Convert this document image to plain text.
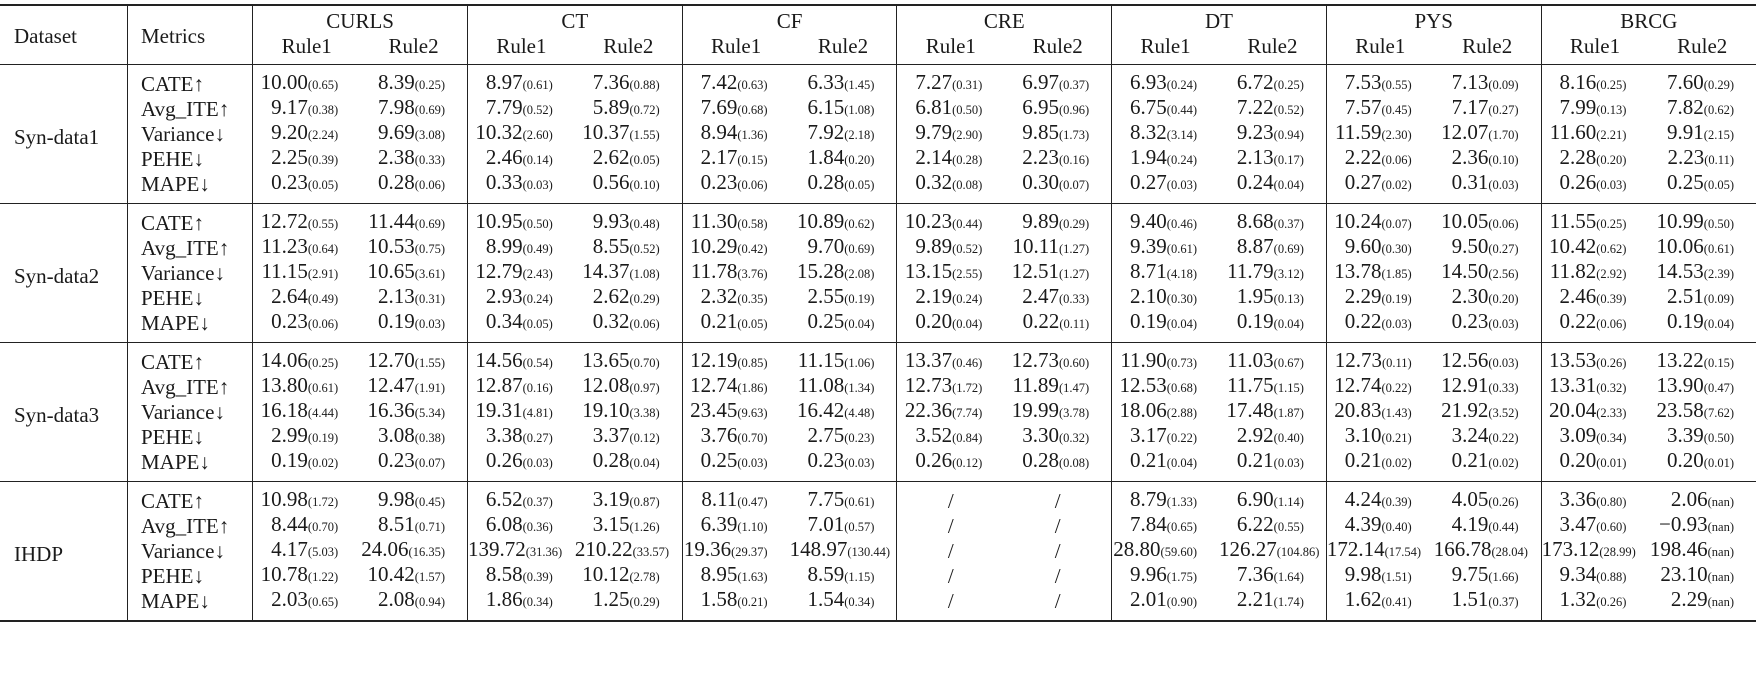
Dataset	Metrics	CURLS		CT		CF		CRE		DT		PYS		BRCG	
		Rule1	Rule2	Rule1	Rule2	Rule1	Rule2	Rule1	Rule2	Rule1	Rule2	Rule1	Rule2	Rule1	Rule2
Syn-data1	CATE↑	10.00(0.65)	8.39(0.25)	8.97(0.61)	7.36(0.88)	7.42(0.63)	6.33(1.45)	7.27(0.31)	6.97(0.37)	6.93(0.24)	6.72(0.25)	7.53(0.55)	7.13(0.09)	8.16(0.25)	7.60(0.29)
	Avg_ITE↑	9.17(0.38)	7.98(0.69)	7.79(0.52)	5.89(0.72)	7.69(0.68)	6.15(1.08)	6.81(0.50)	6.95(0.96)	6.75(0.44)	7.22(0.52)	7.57(0.45)	7.17(0.27)	7.99(0.13)	7.82(0.62)
	Variance↓	9.20(2.24)	9.69(3.08)	10.32(2.60)	10.37(1.55)	8.94(1.36)	7.92(2.18)	9.79(2.90)	9.85(1.73)	8.32(3.14)	9.23(0.94)	11.59(2.30)	12.07(1.70)	11.60(2.21)	9.91(2.15)
	PEHE↓	2.25(0.39)	2.38(0.33)	2.46(0.14)	2.62(0.05)	2.17(0.15)	1.84(0.20)	2.14(0.28)	2.23(0.16)	1.94(0.24)	2.13(0.17)	2.22(0.06)	2.36(0.10)	2.28(0.20)	2.23(0.11)
	MAPE↓	0.23(0.05)	0.28(0.06)	0.33(0.03)	0.56(0.10)	0.23(0.06)	0.28(0.05)	0.32(0.08)	0.30(0.07)	0.27(0.03)	0.24(0.04)	0.27(0.02)	0.31(0.03)	0.26(0.03)	0.25(0.05)
Syn-data2	CATE↑	12.72(0.55)	11.44(0.69)	10.95(0.50)	9.93(0.48)	11.30(0.58)	10.89(0.62)	10.23(0.44)	9.89(0.29)	9.40(0.46)	8.68(0.37)	10.24(0.07)	10.05(0.06)	11.55(0.25)	10.99(0.50)
	Avg_ITE↑	11.23(0.64)	10.53(0.75)	8.99(0.49)	8.55(0.52)	10.29(0.42)	9.70(0.69)	9.89(0.52)	10.11(1.27)	9.39(0.61)	8.87(0.69)	9.60(0.30)	9.50(0.27)	10.42(0.62)	10.06(0.61)
	Variance↓	11.15(2.91)	10.65(3.61)	12.79(2.43)	14.37(1.08)	11.78(3.76)	15.28(2.08)	13.15(2.55)	12.51(1.27)	8.71(4.18)	11.79(3.12)	13.78(1.85)	14.50(2.56)	11.82(2.92)	14.53(2.39)
	PEHE↓	2.64(0.49)	2.13(0.31)	2.93(0.24)	2.62(0.29)	2.32(0.35)	2.55(0.19)	2.19(0.24)	2.47(0.33)	2.10(0.30)	1.95(0.13)	2.29(0.19)	2.30(0.20)	2.46(0.39)	2.51(0.09)
	MAPE↓	0.23(0.06)	0.19(0.03)	0.34(0.05)	0.32(0.06)	0.21(0.05)	0.25(0.04)	0.20(0.04)	0.22(0.11)	0.19(0.04)	0.19(0.04)	0.22(0.03)	0.23(0.03)	0.22(0.06)	0.19(0.04)
Syn-data3	CATE↑	14.06(0.25)	12.70(1.55)	14.56(0.54)	13.65(0.70)	12.19(0.85)	11.15(1.06)	13.37(0.46)	12.73(0.60)	11.90(0.73)	11.03(0.67)	12.73(0.11)	12.56(0.03)	13.53(0.26)	13.22(0.15)
	Avg_ITE↑	13.80(0.61)	12.47(1.91)	12.87(0.16)	12.08(0.97)	12.74(1.86)	11.08(1.34)	12.73(1.72)	11.89(1.47)	12.53(0.68)	11.75(1.15)	12.74(0.22)	12.91(0.33)	13.31(0.32)	13.90(0.47)
	Variance↓	16.18(4.44)	16.36(5.34)	19.31(4.81)	19.10(3.38)	23.45(9.63)	16.42(4.48)	22.36(7.74)	19.99(3.78)	18.06(2.88)	17.48(1.87)	20.83(1.43)	21.92(3.52)	20.04(2.33)	23.58(7.62)
	PEHE↓	2.99(0.19)	3.08(0.38)	3.38(0.27)	3.37(0.12)	3.76(0.70)	2.75(0.23)	3.52(0.84)	3.30(0.32)	3.17(0.22)	2.92(0.40)	3.10(0.21)	3.24(0.22)	3.09(0.34)	3.39(0.50)
	MAPE↓	0.19(0.02)	0.23(0.07)	0.26(0.03)	0.28(0.04)	0.25(0.03)	0.23(0.03)	0.26(0.12)	0.28(0.08)	0.21(0.04)	0.21(0.03)	0.21(0.02)	0.21(0.02)	0.20(0.01)	0.20(0.01)
IHDP	CATE↑	10.98(1.72)	9.98(0.45)	6.52(0.37)	3.19(0.87)	8.11(0.47)	7.75(0.61)	/	/	8.79(1.33)	6.90(1.14)	4.24(0.39)	4.05(0.26)	3.36(0.80)	2.06(nan)
	Avg_ITE↑	8.44(0.70)	8.51(0.71)	6.08(0.36)	3.15(1.26)	6.39(1.10)	7.01(0.57)	/	/	7.84(0.65)	6.22(0.55)	4.39(0.40)	4.19(0.44)	3.47(0.60)	−0.93(nan)
	Variance↓	4.17(5.03)	24.06(16.35)	139.72(31.36)	210.22(33.57)	19.36(29.37)	148.97(130.44)	/	/	28.80(59.60)	126.27(104.86)	172.14(17.54)	166.78(28.04)	173.12(28.99)	198.46(nan)
	PEHE↓	10.78(1.22)	10.42(1.57)	8.58(0.39)	10.12(2.78)	8.95(1.63)	8.59(1.15)	/	/	9.96(1.75)	7.36(1.64)	9.98(1.51)	9.75(1.66)	9.34(0.88)	23.10(nan)
	MAPE↓	2.03(0.65)	2.08(0.94)	1.86(0.34)	1.25(0.29)	1.58(0.21)	1.54(0.34)	/	/	2.01(0.90)	2.21(1.74)	1.62(0.41)	1.51(0.37)	1.32(0.26)	2.29(nan)
